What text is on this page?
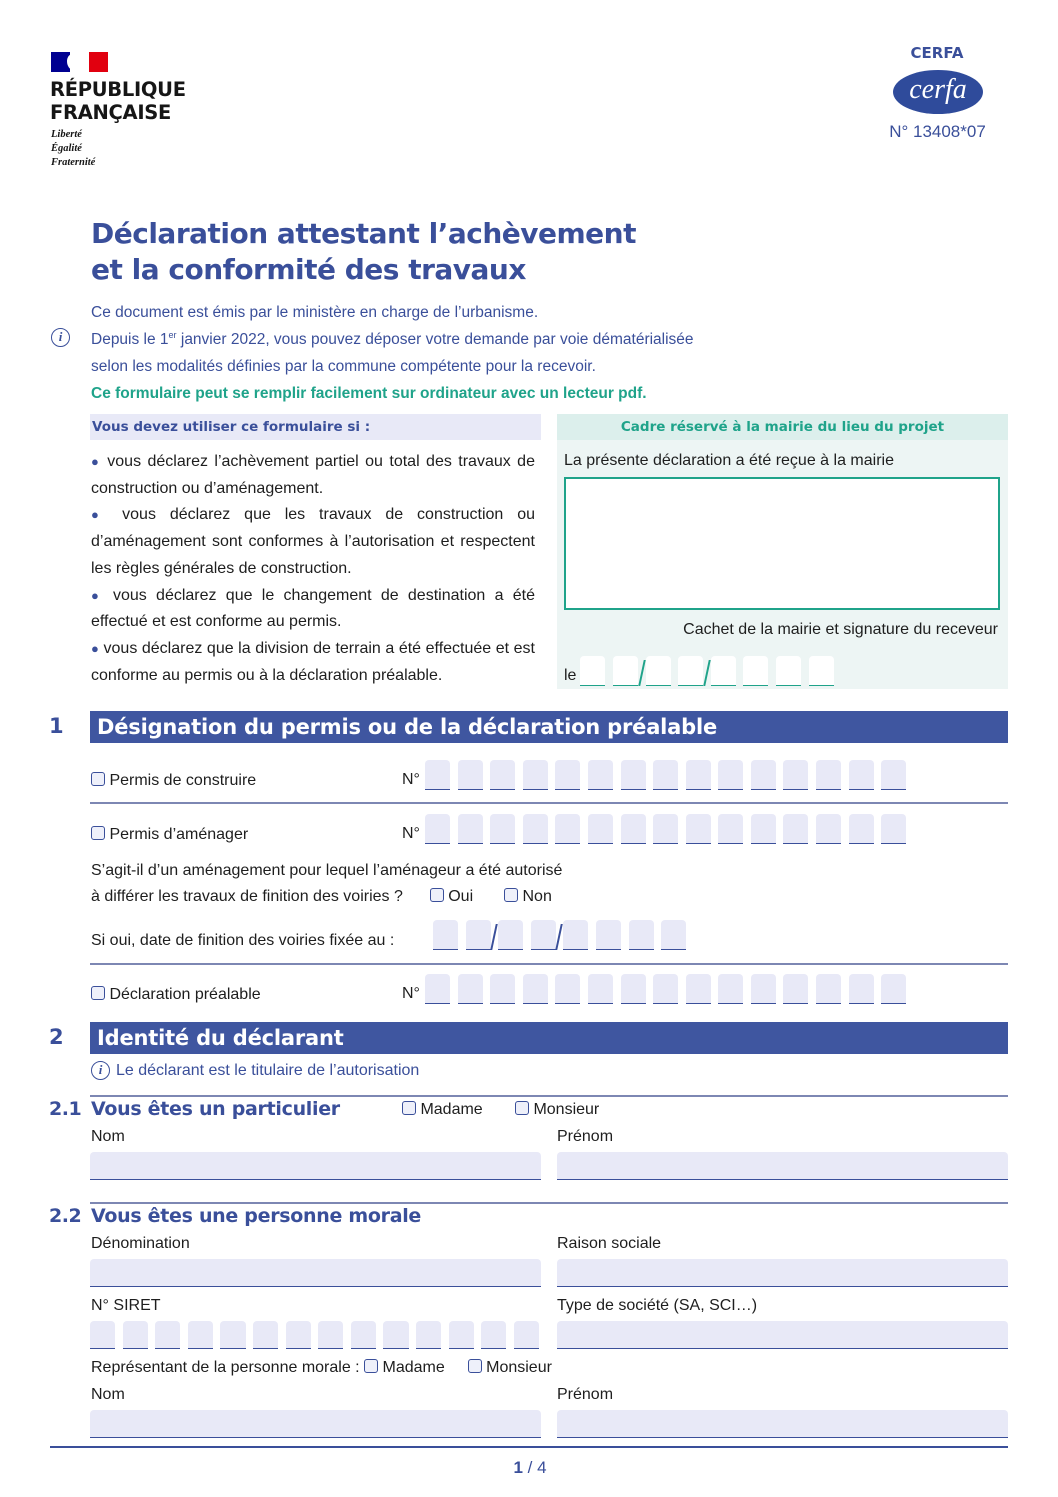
RÉPUBLIQUE
FRANÇAISE
Liberté
Égalité
Fraternité
CERFA
cerfa
N° 13408*07
Déclaration attestant l’achèvement
et la conformité des travaux
i
Ce document est émis par le ministère en charge de l’urbanisme.
Depuis le 1er janvier 2022, vous pouvez déposer votre demande par voie dématérialisée
selon les modalités définies par la commune compétente pour la recevoir.
Ce formulaire peut se remplir facilement sur ordinateur avec un lecteur pdf.
Vous devez utiliser ce formulaire si :
● vous déclarez l’achèvement partiel ou total des travaux de construction ou d’aménagement.
● vous déclarez que les travaux de construction ou d’aménagement sont conformes à l’autorisation et respectent les règles générales de construction.
● vous déclarez que le changement de destination a été effectué et est conforme au permis.
● vous déclarez que la division de terrain a été effectuée et est conforme au permis ou à la déclaration préalable.
Cadre réservé à la mairie du lieu du projet
La présente déclaration a été reçue à la mairie
Cachet de la mairie et signature du receveur
le
1	Désignation du permis ou de la déclaration préalable
Permis de construire	N°
Permis d’aménager	N°
S’agit-il d’un aménagement pour lequel l’aménageur a été autorisé
à différer les travaux de finition des voiries ?	Oui	Non
Si oui, date de finition des voiries fixée au :
Déclaration préalable	N°
2	Identité du déclarant
i Le déclarant est le titulaire de l’autorisation
2.1 Vous êtes un particulier	Madame	Monsieur
Nom	Prénom
2.2 Vous êtes une personne morale
Dénomination	Raison sociale
N° SIRET	Type de société (SA, SCI…)
Représentant de la personne morale : Madame	Monsieur
Nom	Prénom
1 / 4
